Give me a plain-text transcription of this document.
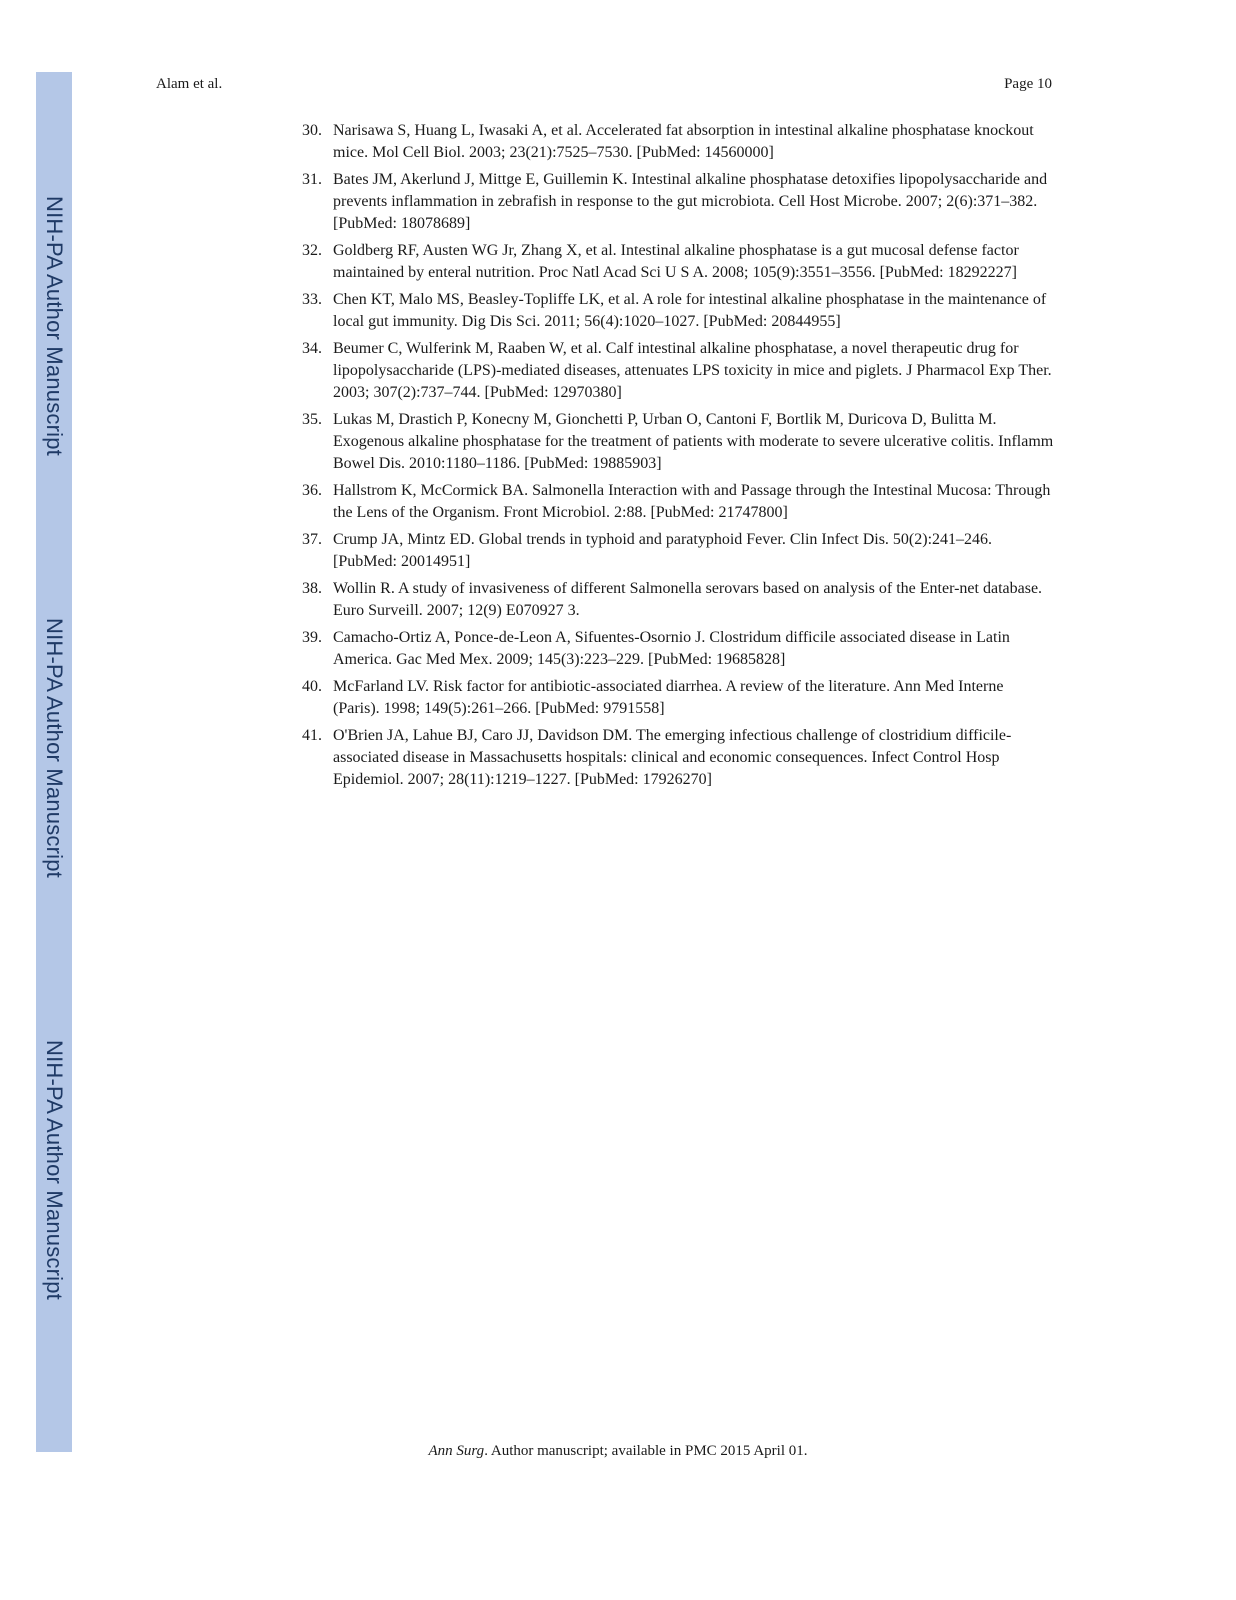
NIH-PA Author Manuscript
NIH-PA Author Manuscript
NIH-PA Author Manuscript
Alam et al.	Page 10
30. Narisawa S, Huang L, Iwasaki A, et al. Accelerated fat absorption in intestinal alkaline phosphatase knockout mice. Mol Cell Biol. 2003; 23(21):7525–7530. [PubMed: 14560000]
31. Bates JM, Akerlund J, Mittge E, Guillemin K. Intestinal alkaline phosphatase detoxifies lipopolysaccharide and prevents inflammation in zebrafish in response to the gut microbiota. Cell Host Microbe. 2007; 2(6):371–382. [PubMed: 18078689]
32. Goldberg RF, Austen WG Jr, Zhang X, et al. Intestinal alkaline phosphatase is a gut mucosal defense factor maintained by enteral nutrition. Proc Natl Acad Sci U S A. 2008; 105(9):3551–3556. [PubMed: 18292227]
33. Chen KT, Malo MS, Beasley-Topliffe LK, et al. A role for intestinal alkaline phosphatase in the maintenance of local gut immunity. Dig Dis Sci. 2011; 56(4):1020–1027. [PubMed: 20844955]
34. Beumer C, Wulferink M, Raaben W, et al. Calf intestinal alkaline phosphatase, a novel therapeutic drug for lipopolysaccharide (LPS)-mediated diseases, attenuates LPS toxicity in mice and piglets. J Pharmacol Exp Ther. 2003; 307(2):737–744. [PubMed: 12970380]
35. Lukas M, Drastich P, Konecny M, Gionchetti P, Urban O, Cantoni F, Bortlik M, Duricova D, Bulitta M. Exogenous alkaline phosphatase for the treatment of patients with moderate to severe ulcerative colitis. Inflamm Bowel Dis. 2010:1180–1186. [PubMed: 19885903]
36. Hallstrom K, McCormick BA. Salmonella Interaction with and Passage through the Intestinal Mucosa: Through the Lens of the Organism. Front Microbiol. 2:88. [PubMed: 21747800]
37. Crump JA, Mintz ED. Global trends in typhoid and paratyphoid Fever. Clin Infect Dis. 50(2):241–246. [PubMed: 20014951]
38. Wollin R. A study of invasiveness of different Salmonella serovars based on analysis of the Enter-net database. Euro Surveill. 2007; 12(9) E070927 3.
39. Camacho-Ortiz A, Ponce-de-Leon A, Sifuentes-Osornio J. Clostridum difficile associated disease in Latin America. Gac Med Mex. 2009; 145(3):223–229. [PubMed: 19685828]
40. McFarland LV. Risk factor for antibiotic-associated diarrhea. A review of the literature. Ann Med Interne (Paris). 1998; 149(5):261–266. [PubMed: 9791558]
41. O'Brien JA, Lahue BJ, Caro JJ, Davidson DM. The emerging infectious challenge of clostridium difficile-associated disease in Massachusetts hospitals: clinical and economic consequences. Infect Control Hosp Epidemiol. 2007; 28(11):1219–1227. [PubMed: 17926270]
Ann Surg. Author manuscript; available in PMC 2015 April 01.
